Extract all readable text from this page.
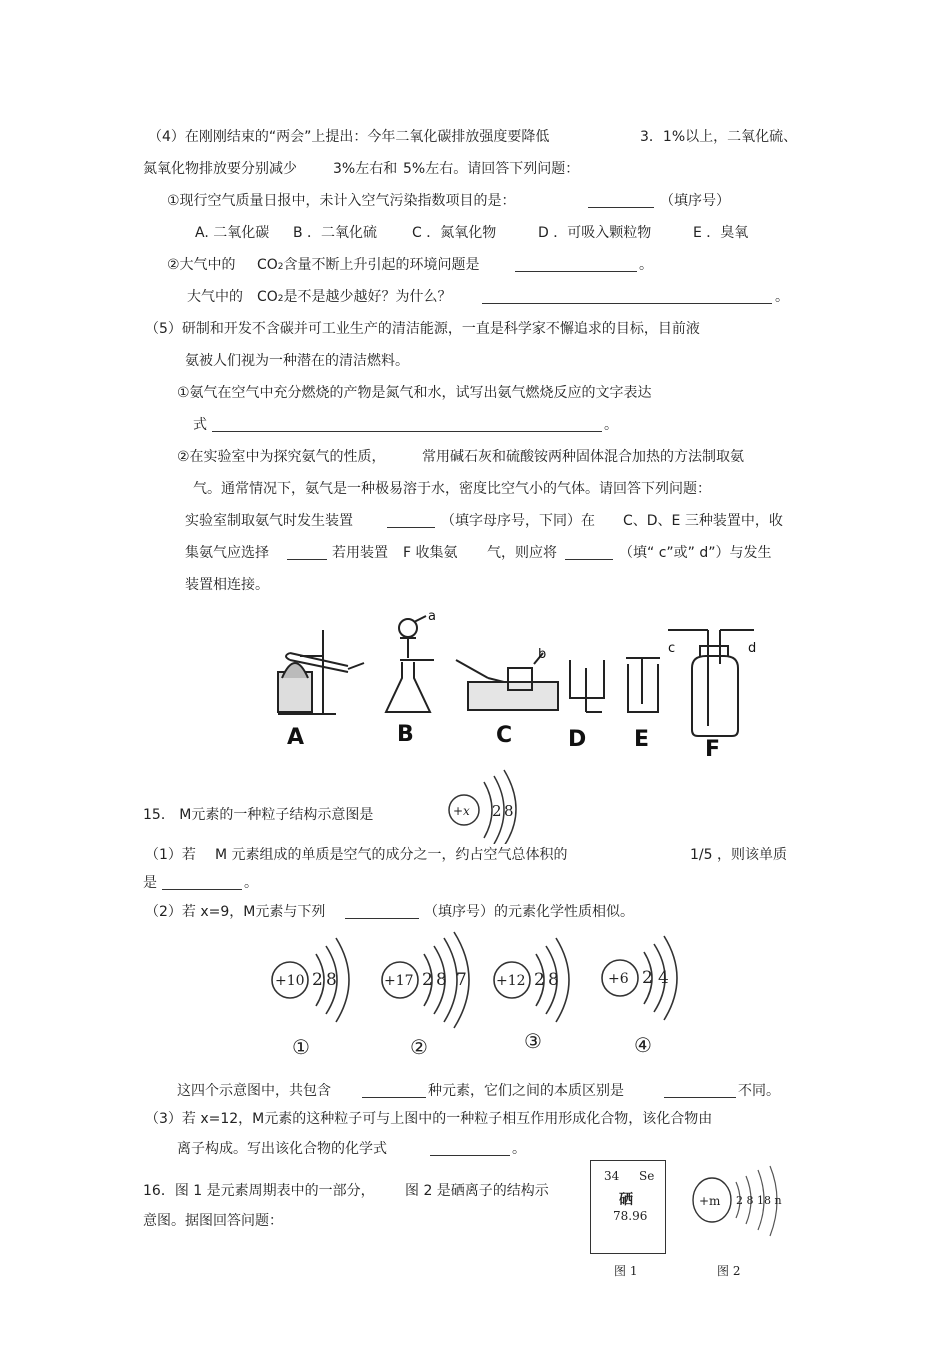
（4）在刚刚结束的“两会”上提出：今年二氧化碳排放强度要降低	3．1%以上，二氧化硫、
氮氧化物排放要分别减少	3%左右和 5%左右。请回答下列问题：
①现行空气质量日报中，未计入空气污染指数项目的是：	（填序号）
A. 二氧化碳 B ．二氧化硫 C ．氮氧化物	D ．可吸入颗粒物	E ．臭氧
②大气中的 CO2含量不断上升引起的环境问题是	。
大气中的 CO2是不是越少越好？为什么？	。
（5）研制和开发不含碳并可工业生产的清洁能源，一直是科学家不懈追求的目标，目前液
氨被人们视为一种潜在的清洁燃料。
①氨气在空气中充分燃烧的产物是氮气和水，试写出氨气燃烧反应的文字表达
式	。
②在实验室中为探究氨气的性质，	常用碱石灰和硫酸铵两种固体混合加热的方法制取氨
气。通常情况下，氨气是一种极易溶于水，密度比空气小的气体。请回答下列问题：
实验室制取氨气时发生装置	（填字母序号，下同）在 C、D、E 三种装置中，收
集氨气应选择	若用装置 F 收集氨 气，则应将	（填“ c”或” d”）与发生
装置相连接。
A	B	C	D E	F
a
b	c	d
15． M元素的一种粒子结构示意图是	+x 2 8
（1）若 M 元素组成的单质是空气的成分之一，约占空气总体积的	1/5 ，则该单质
是	。
（2）若 x=9，M元素与下列	（填序号）的元素化学性质相似。
+10 2 8
①
+17 2 8 7
②
+12 2 8
③
+6 2 4
④
这四个示意图中，共包含	种元素，它们之间的本质区别是	不同。
（3）若 x=12，M元素的这种粒子可与上图中的一种粒子相互作用形成化合物，该化合物由
离子构成。写出该化合物的化学式	。
16．图 1 是元素周期表中的一部分， 图 2 是硒离子的结构示
意图。据图回答问题：
34 Se
硒
78.96
图 1
+m 2 8 18 n
图 2
